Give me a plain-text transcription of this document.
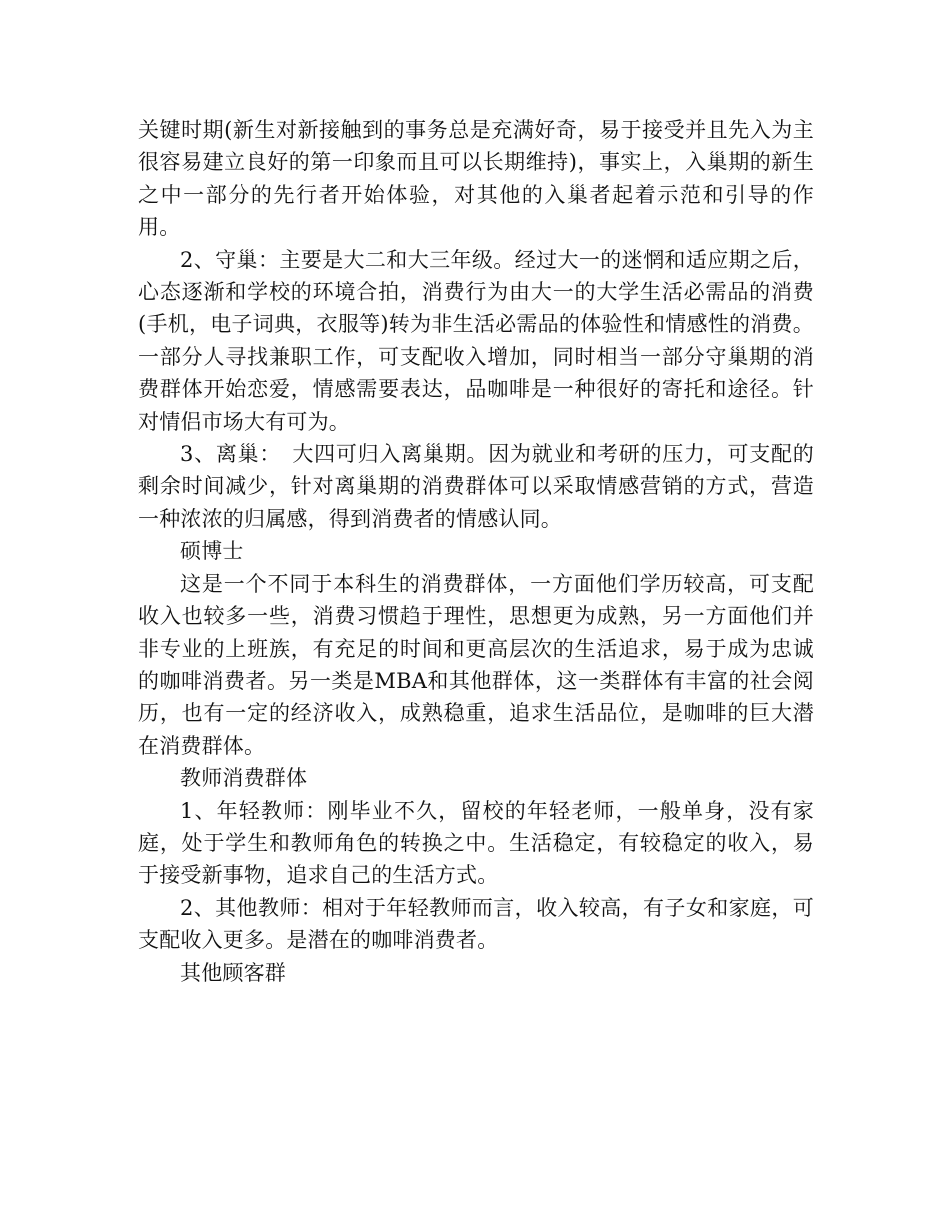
关键时期(新生对新接触到的事务总是充满好奇，易于接受并且先入为主很容易建立良好的第一印象而且可以长期维持)，事实上，入巢期的新生之中一部分的先行者开始体验，对其他的入巢者起着示范和引导的作用。

2、守巢：主要是大二和大三年级。经过大一的迷惘和适应期之后，心态逐渐和学校的环境合拍，消费行为由大一的大学生活必需品的消费(手机，电子词典，衣服等)转为非生活必需品的体验性和情感性的消费。一部分人寻找兼职工作，可支配收入增加，同时相当一部分守巢期的消费群体开始恋爱，情感需要表达，品咖啡是一种很好的寄托和途径。针对情侣市场大有可为。

3、离巢：　大四可归入离巢期。因为就业和考研的压力，可支配的剩余时间减少，针对离巢期的消费群体可以采取情感营销的方式，营造一种浓浓的归属感，得到消费者的情感认同。

硕博士

这是一个不同于本科生的消费群体，一方面他们学历较高，可支配收入也较多一些，消费习惯趋于理性，思想更为成熟，另一方面他们并非专业的上班族，有充足的时间和更高层次的生活追求，易于成为忠诚的咖啡消费者。另一类是MBA和其他群体，这一类群体有丰富的社会阅历，也有一定的经济收入，成熟稳重，追求生活品位，是咖啡的巨大潜在消费群体。

教师消费群体

1、年轻教师：刚毕业不久，留校的年轻老师，一般单身，没有家庭，处于学生和教师角色的转换之中。生活稳定，有较稳定的收入，易于接受新事物，追求自己的生活方式。

2、其他教师：相对于年轻教师而言，收入较高，有子女和家庭，可支配收入更多。是潜在的咖啡消费者。

其他顾客群
